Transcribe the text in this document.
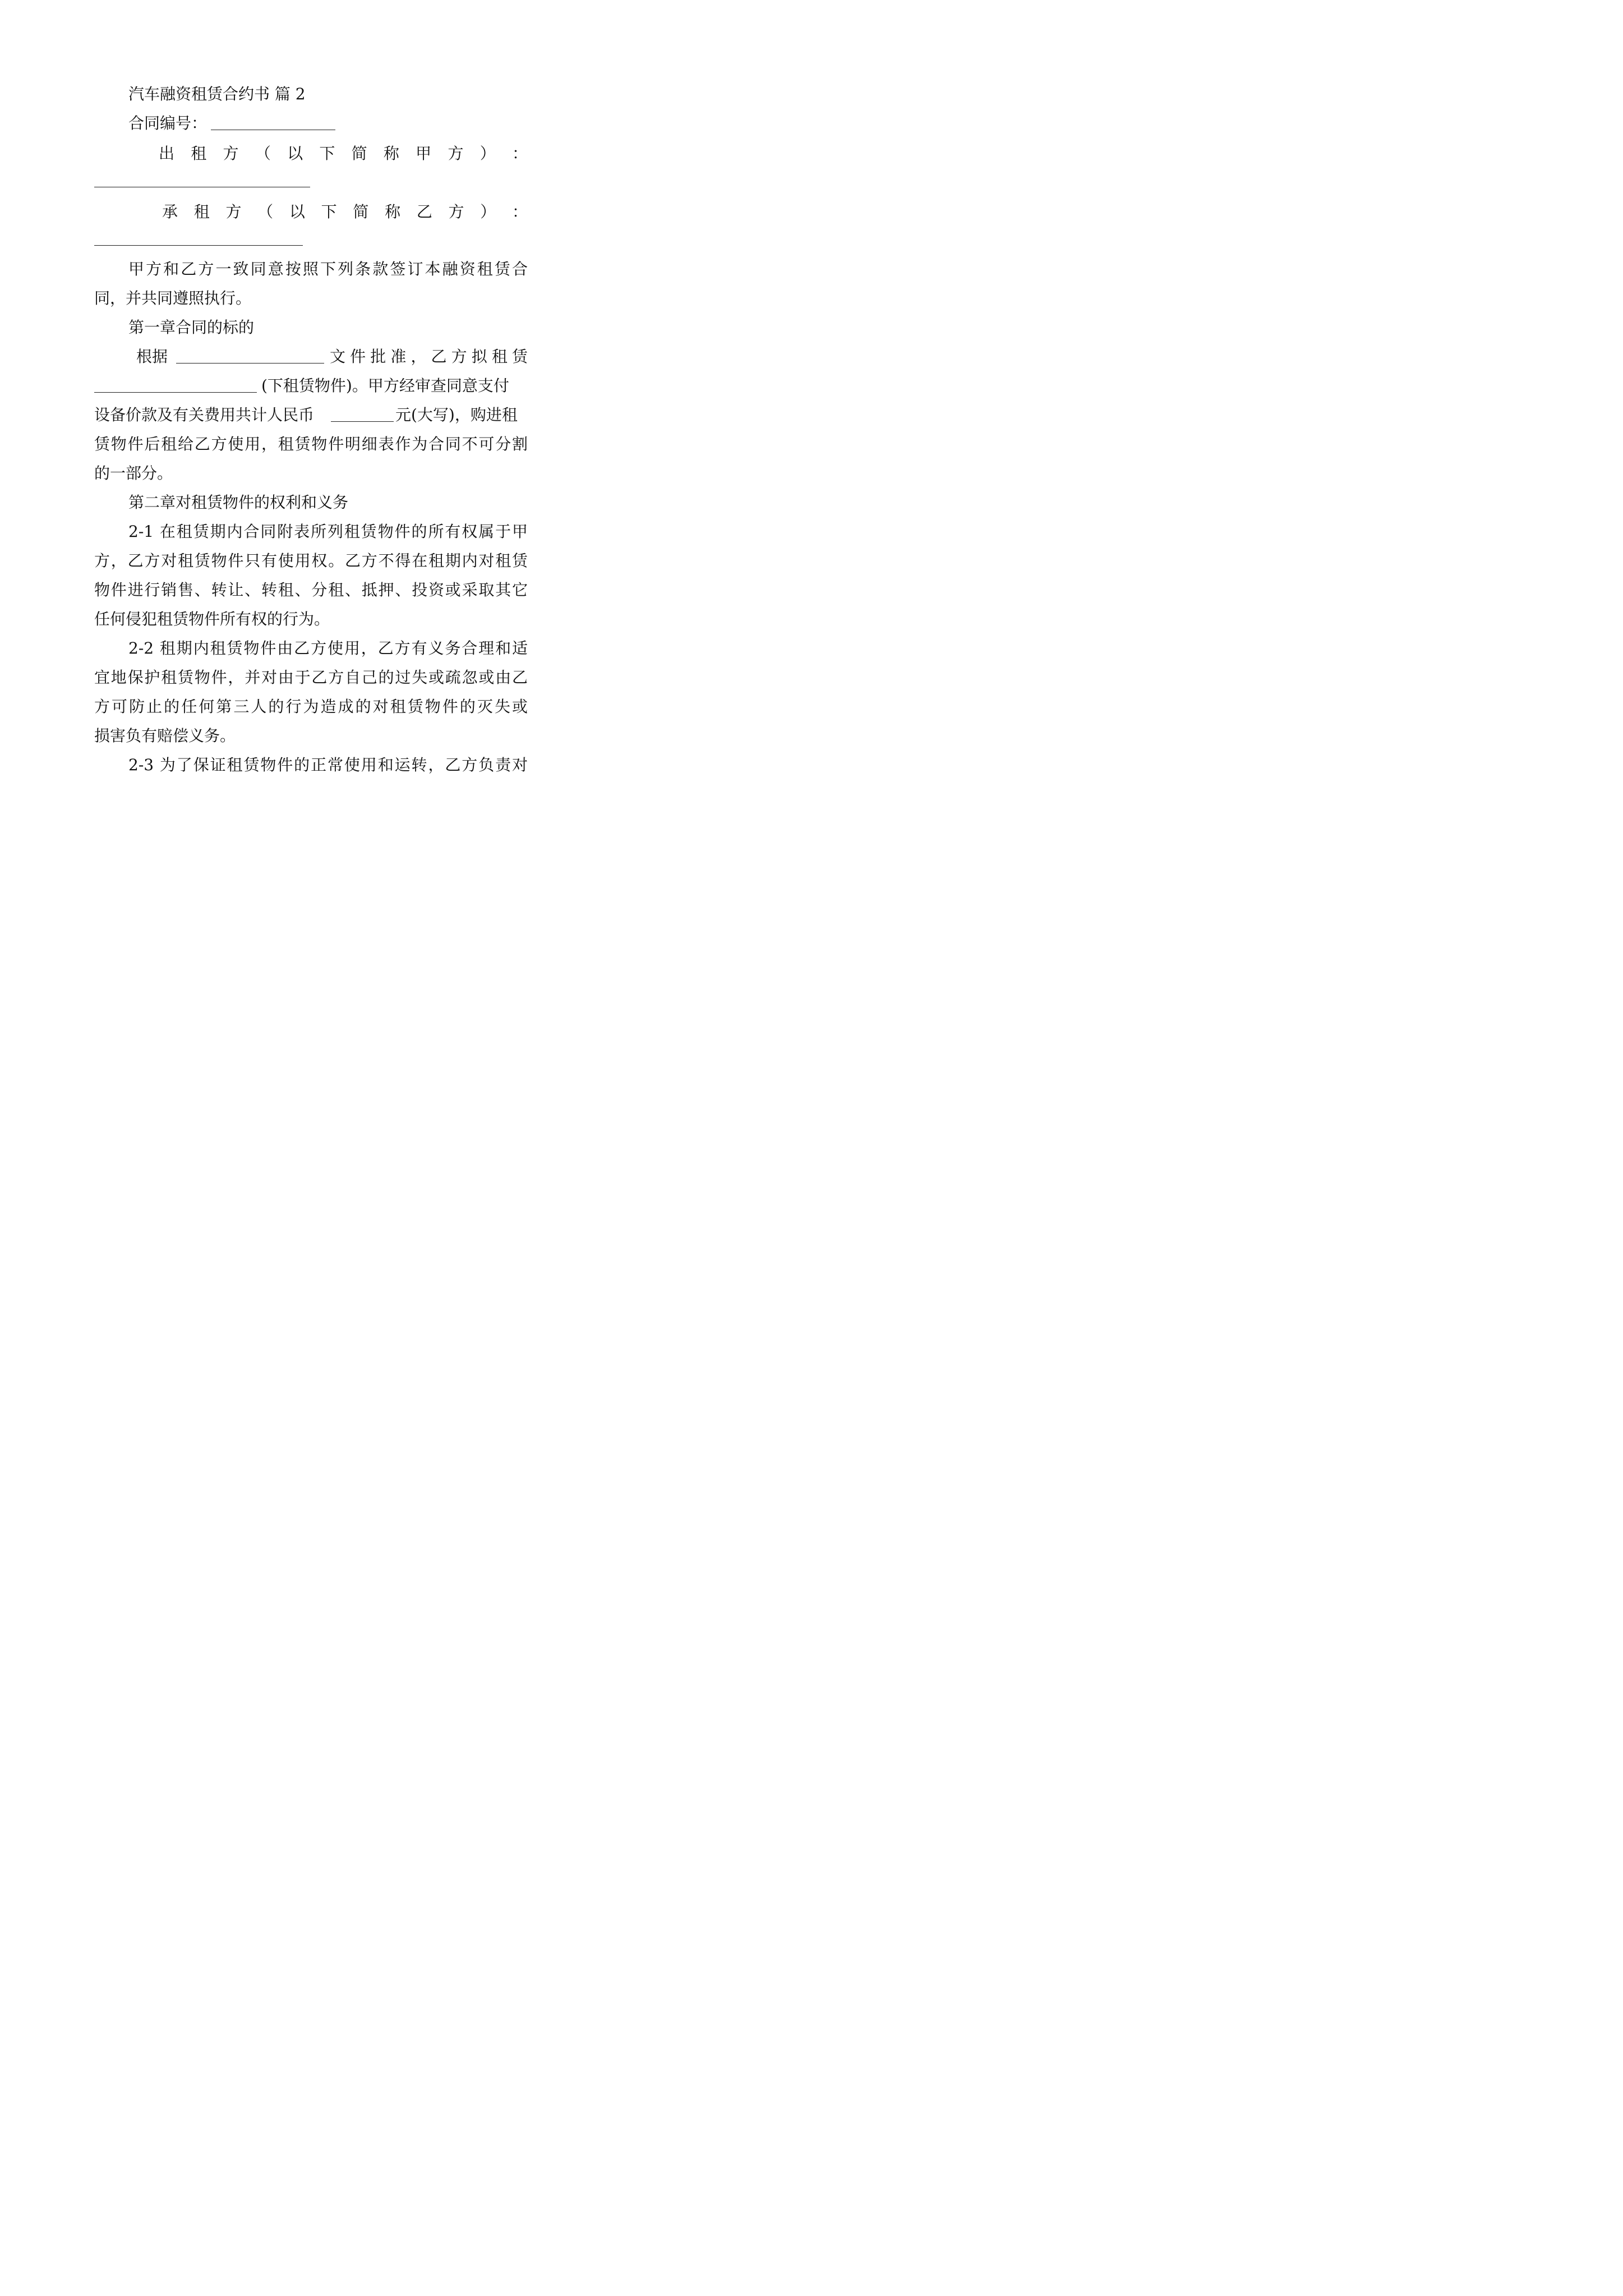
汽车融资租赁合约书 篇 2
合同编号：
出 租 方 （ 以 下 简 称 甲 方 ） ：
承 租 方 （ 以 下 简 称 乙 方 ） ：
甲方和乙方一致同意按照下列条款签订本融资租赁合
同，并共同遵照执行。
第一章合同的标的
根据	文件批准，乙方拟租赁
(下租赁物件)。甲方经审查同意支付
设备价款及有关费用共计人民币	元(大写)，购进租
赁物件后租给乙方使用，租赁物件明细表作为合同不可分割
的一部分。
第二章对租赁物件的权利和义务
2-1 在租赁期内合同附表所列租赁物件的所有权属于甲
方，乙方对租赁物件只有使用权。乙方不得在租期内对租赁
物件进行销售、转让、转租、分租、抵押、投资或采取其它
任何侵犯租赁物件所有权的行为。
2-2 租期内租赁物件由乙方使用，乙方有义务合理和适
宜地保护租赁物件，并对由于乙方自己的过失或疏忽或由乙
方可防止的任何第三人的行为造成的对租赁物件的灭失或
损害负有赔偿义务。
2-3 为了保证租赁物件的正常使用和运转，乙方负责对
